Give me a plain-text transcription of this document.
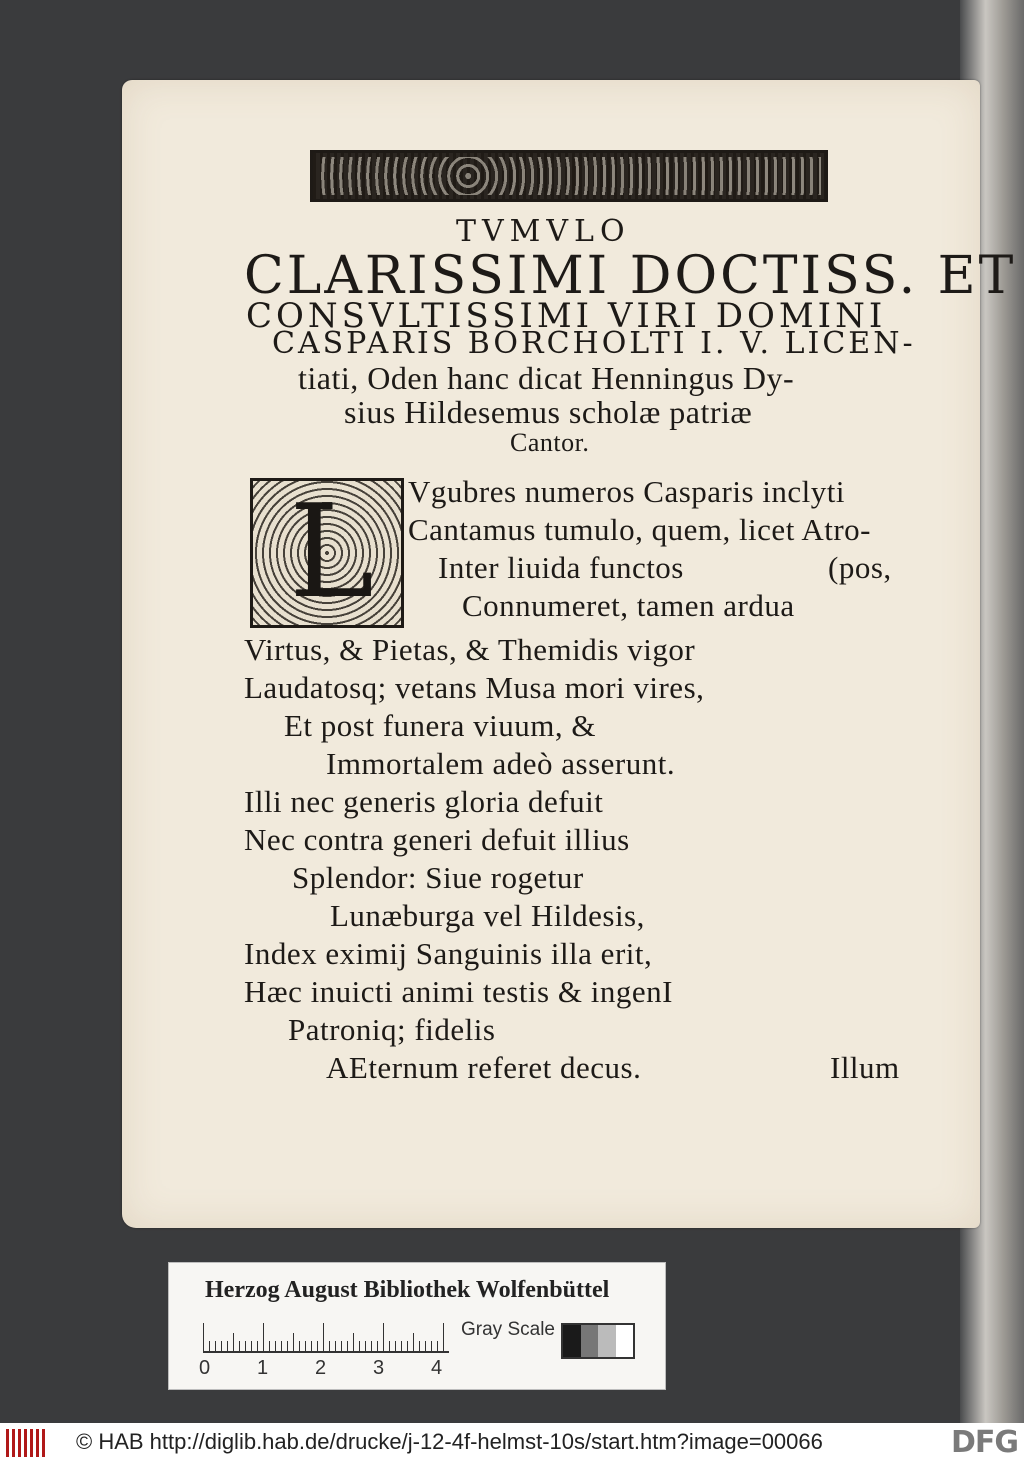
TVMVLO
CLARISSIMI DOCTISS. ET
CONSVLTISSIMI VIRI DOMINI
CASPARIS BORCHOLTI I. V. LICEN-
tiati, Oden hanc dicat Henningus Dy-
sius Hildesemus scholæ patriæ
Cantor.
L Vgubres numeros Casparis inclyti
Cantamus tumulo, quem, licet Atro-
Inter liuida functos	(pos,
Connumeret, tamen ardua
Virtus, & Pietas, & Themidis vigor
Laudatosq; vetans Musa mori vires,
Et post funera viuum, &
Immortalem adeò asserunt.
Illi nec generis gloria defuit
Nec contra generi defuit illius
Splendor: Siue rogetur
Lunæburga vel Hildesis,
Index eximij Sanguinis illa erit,
Hæc inuicti animi testis & ingenI
Patroniq; fidelis
AEternum referet decus.	Illum
Herzog August Bibliothek Wolfenbüttel
Gray Scale
0 1 2 3 4
© HAB http://diglib.hab.de/drucke/j-12-4f-helmst-10s/start.htm?image=00066	DFG
